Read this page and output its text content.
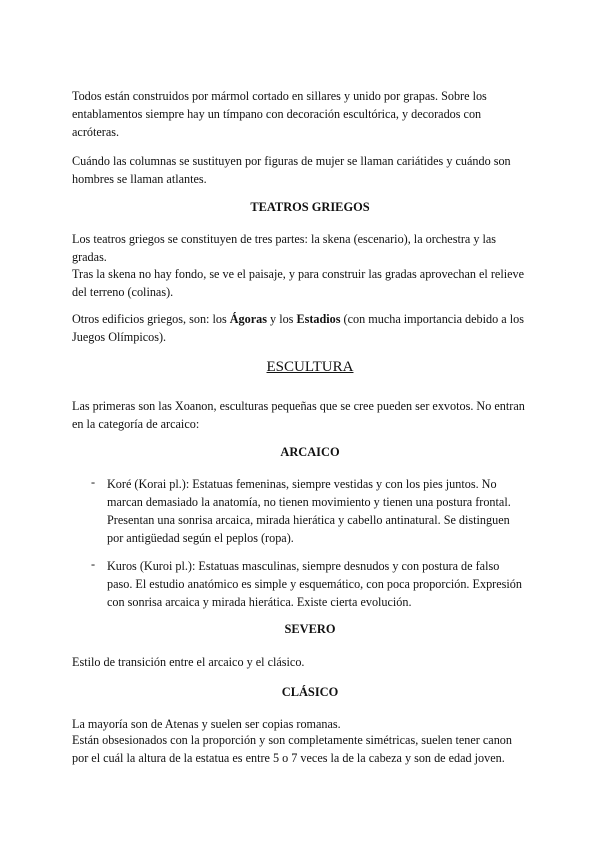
Todos están construidos por mármol cortado en sillares y unido por grapas. Sobre los entablamentos siempre hay un tímpano con decoración escultórica, y decorados con acróteras.

Cuándo las columnas se sustituyen por figuras de mujer se llaman cariátides y cuándo son hombres se llaman atlantes.

TEATROS GRIEGOS

Los teatros griegos se constituyen de tres partes: la skena (escenario), la orchestra y las gradas.

Tras la skena no hay fondo, se ve el paisaje, y para construir las gradas aprovechan el relieve del terreno (colinas).

Otros edificios griegos, son: los Ágoras y los Estadios (con mucha importancia debido a los Juegos Olímpicos).

ESCULTURA

Las primeras son las Xoanon, esculturas pequeñas que se cree pueden ser exvotos. No entran en la categoría de arcaico:

ARCAICO

- Koré (Korai pl.): Estatuas femeninas, siempre vestidas y con los pies juntos. No marcan demasiado la anatomía, no tienen movimiento y tienen una postura frontal. Presentan una sonrisa arcaica, mirada hierática y cabello antinatural. Se distinguen por antigüedad según el peplos (ropa).

- Kuros (Kuroi pl.): Estatuas masculinas, siempre desnudos y con postura de falso paso. El estudio anatómico es simple y esquemático, con poca proporción. Expresión con sonrisa arcaica y mirada hierática. Existe cierta evolución.

SEVERO

Estilo de transición entre el arcaico y el clásico.

CLÁSICO

La mayoría son de Atenas y suelen ser copias romanas.

Están obsesionados con la proporción y son completamente simétricas, suelen tener canon por el cuál la altura de la estatua es entre 5 o 7 veces la de la cabeza y son de edad joven.
